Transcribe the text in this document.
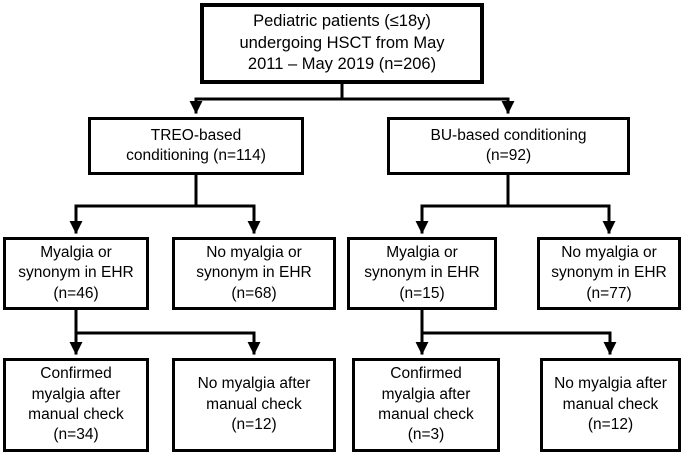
Pediatric patients (≤18y)
undergoing HSCT from May
2011 – May 2019 (n=206)
TREO-based
conditioning (n=114)
BU-based conditioning
(n=92)
Myalgia or
synonym in EHR
(n=46)
No myalgia or
synonym in EHR
(n=68)
Myalgia or
synonym in EHR
(n=15)
No myalgia or
synonym in EHR
(n=77)
Confirmed
myalgia after
manual check
(n=34)
No myalgia after
manual check
(n=12)
Confirmed
myalgia after
manual check
(n=3)
No myalgia after
manual check
(n=12)
